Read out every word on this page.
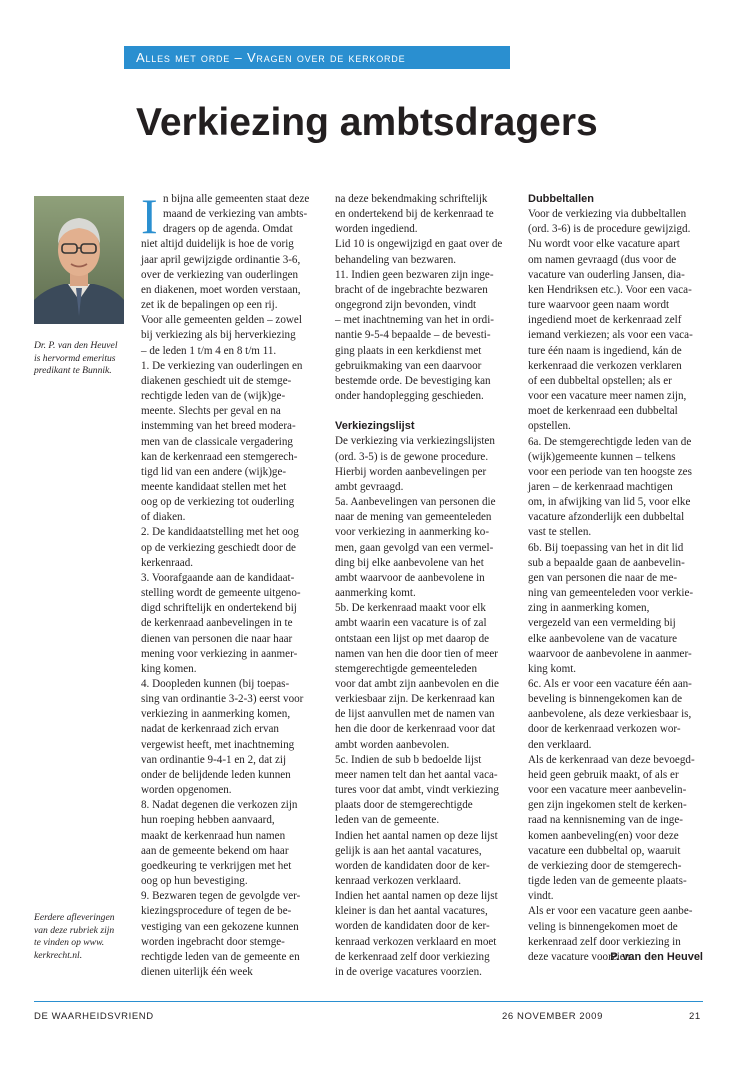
Alles met orde – Vragen over de kerkorde
Verkiezing ambtsdragers
Dr. P. van den Heuvel
is hervormd emeritus
predikant te Bunnik.
I n bijna alle gemeenten staat deze

maand de verkiezing van ambts-

dragers op de agenda. Omdat

niet altijd duidelijk is hoe de vorig

jaar april gewijzigde ordinantie 3-6,

over de verkiezing van ouderlingen

en diakenen, moet worden verstaan,

zet ik de bepalingen op een rij.

Voor alle gemeenten gelden – zowel

bij verkiezing als bij herverkiezing

– de leden 1 t/m 4 en 8 t/m 11.

1. De verkiezing van ouderlingen en

diakenen geschiedt uit de stemge-

rechtigde leden van de (wijk)ge-

meente. Slechts per geval en na

instemming van het breed modera-

men van de classicale vergadering

kan de kerkenraad een stemgerech-

tigd lid van een andere (wijk)ge-

meente kandidaat stellen met het

oog op de verkiezing tot ouderling

of diaken.

2. De kandidaatstelling met het oog

op de verkiezing geschiedt door de

kerkenraad.

3. Voorafgaande aan de kandidaat-

stelling wordt de gemeente uitgeno-

digd schriftelijk en ondertekend bij

de kerkenraad aanbevelingen in te

dienen van personen die naar haar

mening voor verkiezing in aanmer-

king komen.

4. Doopleden kunnen (bij toepas-

sing van ordinantie 3-2-3) eerst voor

verkiezing in aanmerking komen,

nadat de kerkenraad zich ervan

vergewist heeft, met inachtneming

van ordinantie 9-4-1 en 2, dat zij

onder de belijdende leden kunnen

worden opgenomen.

8. Nadat degenen die verkozen zijn

hun roeping hebben aanvaard,

maakt de kerkenraad hun namen

aan de gemeente bekend om haar

goedkeuring te verkrijgen met het

oog op hun bevestiging.

9. Bezwaren tegen de gevolgde ver-

kiezingsprocedure of tegen de be-

vestiging van een gekozene kunnen

worden ingebracht door stemge-

rechtigde leden van de gemeente en

dienen uiterlijk één week

na deze bekendmaking schriftelijk

en ondertekend bij de kerkenraad te

worden ingediend.

Lid 10 is ongewijzigd en gaat over de

behandeling van bezwaren.

11. Indien geen bezwaren zijn inge-

bracht of de ingebrachte bezwaren

ongegrond zijn bevonden, vindt

– met inachtneming van het in ordi-

nantie 9-5-4 bepaalde – de bevesti-

ging plaats in een kerkdienst met

gebruikmaking van een daarvoor

bestemde orde. De bevestiging kan

onder handoplegging geschieden.

Verkiezingslijst

De verkiezing via verkiezingslijsten

(ord. 3-5) is de gewone procedure.

Hierbij worden aanbevelingen per

ambt gevraagd.

5a. Aanbevelingen van personen die

naar de mening van gemeenteleden

voor verkiezing in aanmerking ko-

men, gaan gevolgd van een vermel-

ding bij elke aanbevolene van het

ambt waarvoor de aanbevolene in

aanmerking komt.

5b. De kerkenraad maakt voor elk

ambt waarin een vacature is of zal

ontstaan een lijst op met daarop de

namen van hen die door tien of meer

stemgerechtigde gemeenteleden

voor dat ambt zijn aanbevolen en die

verkiesbaar zijn. De kerkenraad kan

de lijst aanvullen met de namen van

hen die door de kerkenraad voor dat

ambt worden aanbevolen.

5c. Indien de sub b bedoelde lijst

meer namen telt dan het aantal vaca-

tures voor dat ambt, vindt verkiezing

plaats door de stemgerechtigde

leden van de gemeente.

Indien het aantal namen op deze lijst

gelijk is aan het aantal vacatures,

worden de kandidaten door de ker-

kenraad verkozen verklaard.

Indien het aantal namen op deze lijst

kleiner is dan het aantal vacatures,

worden de kandidaten door de ker-

kenraad verkozen verklaard en moet

de kerkenraad zelf door verkiezing

in de overige vacatures voorzien.

Dubbeltallen

Voor de verkiezing via dubbeltallen

(ord. 3-6) is de procedure gewijzigd.

Nu wordt voor elke vacature apart

om namen gevraagd (dus voor de

vacature van ouderling Jansen, dia-

ken Hendriksen etc.). Voor een vaca-

ture waarvoor geen naam wordt

ingediend moet de kerkenraad zelf

iemand verkiezen; als voor een vaca-

ture één naam is ingediend, kán de

kerkenraad die verkozen verklaren

of een dubbeltal opstellen; als er

voor een vacature meer namen zijn,

moet de kerkenraad een dubbeltal

opstellen.

6a. De stemgerechtigde leden van de

(wijk)gemeente kunnen – telkens

voor een periode van ten hoogste zes

jaren – de kerkenraad machtigen

om, in afwijking van lid 5, voor elke

vacature afzonderlijk een dubbeltal

vast te stellen.

6b. Bij toepassing van het in dit lid

sub a bepaalde gaan de aanbevelin-

gen van personen die naar de me-

ning van gemeenteleden voor verkie-

zing in aanmerking komen,

vergezeld van een vermelding bij

elke aanbevolene van de vacature

waarvoor de aanbevolene in aanmer-

king komt.

6c. Als er voor een vacature één aan-

beveling is binnengekomen kan de

aanbevolene, als deze verkiesbaar is,

door de kerkenraad verkozen wor-

den verklaard.

Als de kerkenraad van deze bevoegd-

heid geen gebruik maakt, of als er

voor een vacature meer aanbevelin-

gen zijn ingekomen stelt de kerken-

raad na kennisneming van de inge-

komen aanbeveling(en) voor deze

vacature een dubbeltal op, waaruit

de verkiezing door de stemgerech-

tigde leden van de gemeente plaats-

vindt.

Als er voor een vacature geen aanbe-

veling is binnengekomen moet de

kerkenraad zelf door verkiezing in

deze vacature voorzien.

P. van den Heuvel
Eerdere afleveringen
van deze rubriek zijn
te vinden op www.
kerkrecht.nl.
DE WAARHEIDSVRIEND	26 NOVEMBER 2009	21
